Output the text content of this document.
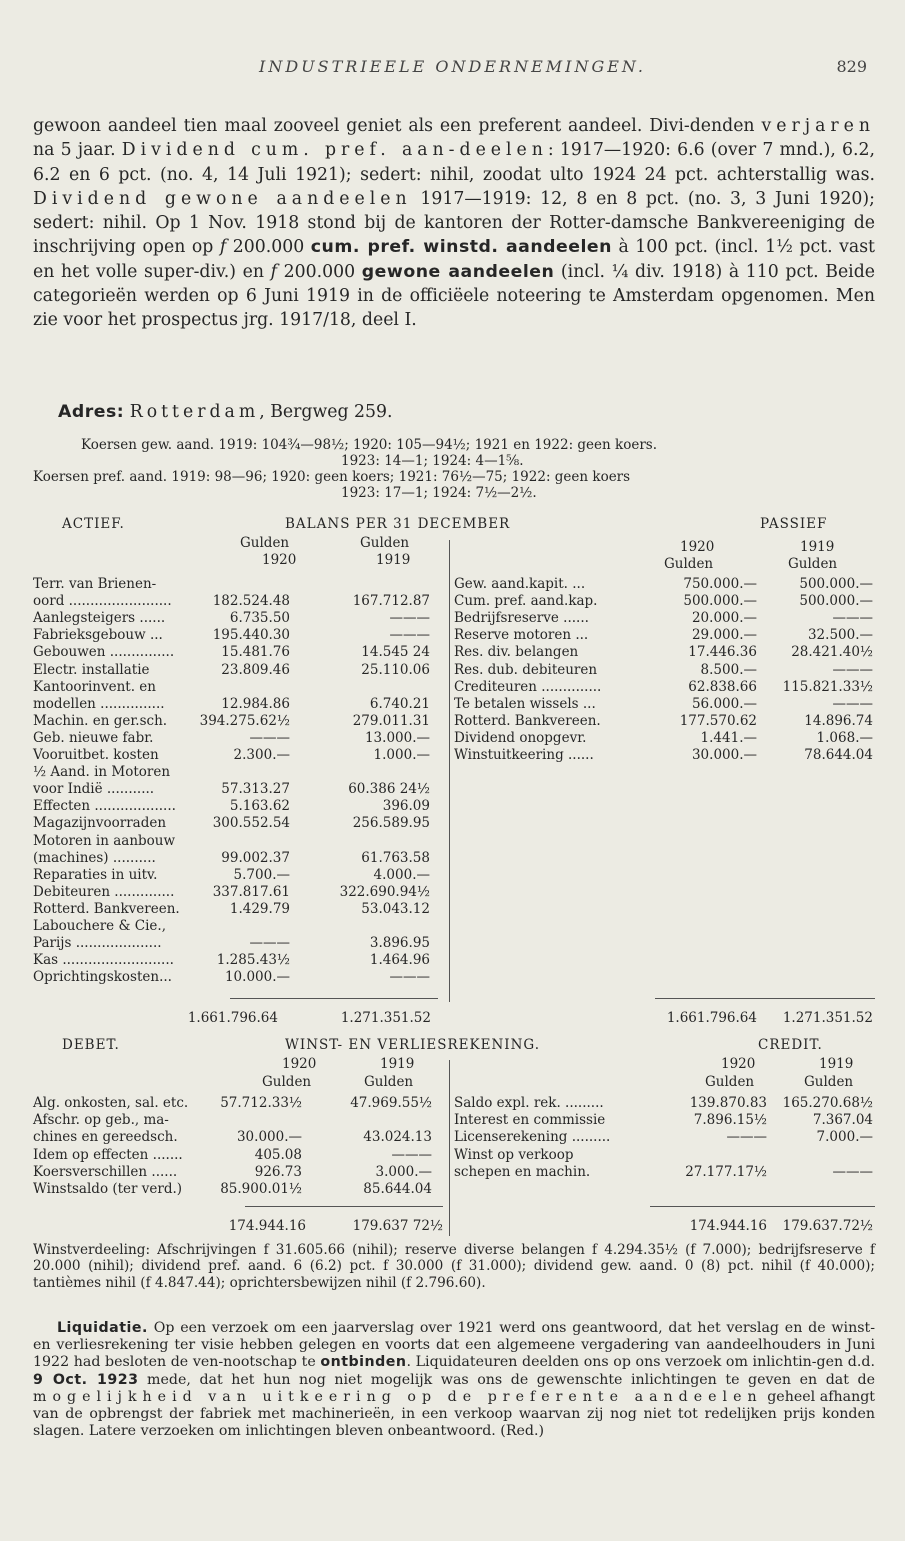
INDUSTRIEELE ONDERNEMINGEN.	829
gewoon aandeel tien maal zooveel geniet als een preferent aandeel. Divi-denden verjaren na 5 jaar. Dividend cum. pref. aan-deelen: 1917—1920: 6.6 (over 7 mnd.), 6.2, 6.2 en 6 pct. (no. 4, 14 Juli 1921); sedert: nihil, zoodat ulto 1924 24 pct. achterstallig was. Dividend gewone aandeelen 1917—1919: 12, 8 en 8 pct. (no. 3, 3 Juni 1920); sedert: nihil. Op 1 Nov. 1918 stond bij de kantoren der Rotter-damsche Bankvereeniging de inschrijving open op f 200.000 cum. pref. winstd. aandeelen à 100 pct. (incl. 1½ pct. vast en het volle super-div.) en f 200.000 gewone aandeelen (incl. ¼ div. 1918) à 110 pct. Beide categorieën werden op 6 Juni 1919 in de officiëele noteering te Amsterdam opgenomen. Men zie voor het prospectus jrg. 1917/18, deel I.
Adres: Rotterdam, Bergweg 259.
Koersen gew. aand. 1919: 104¾—98½; 1920: 105—94½; 1921 en 1922: geen koers.
1923: 14—1; 1924: 4—1⅝.
Koersen pref. aand. 1919: 98—96; 1920: geen koers; 1921: 76½—75; 1922: geen koers
1923: 17—1; 1924: 7½—2½.
ACTIEF.	BALANS PER 31 DECEMBER	PASSIEF
Gulden	Gulden
1920	1919
1920	1919
Gulden	Gulden
Terr. van Brienen-
oord ........................	182.524.48	167.712.87
Aanlegsteigers ......	6.735.50	———
Fabrieksgebouw ...	195.440.30	———
Gebouwen ...............	15.481.76	14.545 24
Electr. installatie	23.809.46	25.110.06
Kantoorinvent. en
modellen ...............	12.984.86	6.740.21
Machin. en ger.sch. 394.275.62½	279.011.31
Geb. nieuwe fabr.	———	13.000.—
Vooruitbet. kosten	2.300.—	1.000.—
½ Aand. in Motoren
voor Indië ...........	57.313.27	60.386 24½
Effecten ...................	5.163.62	396.09
Magazijnvoorraden	300.552.54	256.589.95
Motoren in aanbouw
(machines) ..........	99.002.37	61.763.58
Reparaties in uitv.	5.700.—	4.000.—
Debiteuren ..............	337.817.61	322.690.94½
Rotterd. Bankvereen.	1.429.79	53.043.12
Labouchere & Cie.,
Parijs ....................	———	3.896.95
Kas ..........................	1.285.43½	1.464.96
Oprichtingskosten...	10.000.—	———
Gew. aand.kapit. ...	750.000.—	500.000.—
Cum. pref. aand.kap.	500.000.—	500.000.—
Bedrijfsreserve ......	20.000.—	———
Reserve motoren ...	29.000.—	32.500.—
Res. div. belangen	17.446.36	28.421.40½
Res. dub. debiteuren	8.500.—	———
Crediteuren ..............	62.838.66 115.821.33½
Te betalen wissels ...	56.000.—	———
Rotterd. Bankvereen.	177.570.62	14.896.74
Dividend onopgevr.	1.441.—	1.068.—
Winstuitkeering ......	30.000.—	78.644.04
1.661.796.64	1.271.351.52	1.661.796.64 1.271.351.52
DEBET.	WINST- EN VERLIESREKENING.	CREDIT.
1920	1919
Gulden	Gulden
1920	1919
Gulden	Gulden
Alg. onkosten, sal. etc. 57.712.33½	47.969.55½
Afschr. op geb., ma-
chines en gereedsch.	30.000.—	43.024.13
Idem op effecten .......	405.08	———
Koersverschillen ......	926.73	3.000.—
Winstsaldo (ter verd.)	85.900.01½	85.644.04
Saldo expl. rek. .........	139.870.83 165.270.68½
Interest en commissie	7.896.15½	7.367.04
Licenserekening .........	———	7.000.—
Winst op verkoop
schepen en machin.	27.177.17½	———
174.944.16	179.637 72½	174.944.16 179.637.72½
Winstverdeeling: Afschrijvingen f 31.605.66 (nihil); reserve diverse belangen f 4.294.35½ (f 7.000); bedrijfsreserve f 20.000 (nihil); dividend pref. aand. 6 (6.2) pct. f 30.000 (f 31.000); dividend gew. aand. 0 (8) pct. nihil (f 40.000); tantièmes nihil (f 4.847.44); oprichtersbewijzen nihil (f 2.796.60).
Liquidatie. Op een verzoek om een jaarverslag over 1921 werd ons geantwoord, dat het verslag en de winst- en verliesrekening ter visie hebben gelegen en voorts dat een algemeene vergadering van aandeelhouders in Juni 1922 had besloten de ven-nootschap te ontbinden. Liquidateuren deelden ons op ons verzoek om inlichtin-gen d.d. 9 Oct. 1923 mede, dat het hun nog niet mogelijk was ons de gewenschte inlichtingen te geven en dat de mogelijkheid van uitkeering op de preferente aandeelen geheel afhangt van de opbrengst der fabriek met machinerieën, in een verkoop waarvan zij nog niet tot redelijken prijs konden slagen. Latere verzoeken om inlichtingen bleven onbeantwoord. (Red.)
